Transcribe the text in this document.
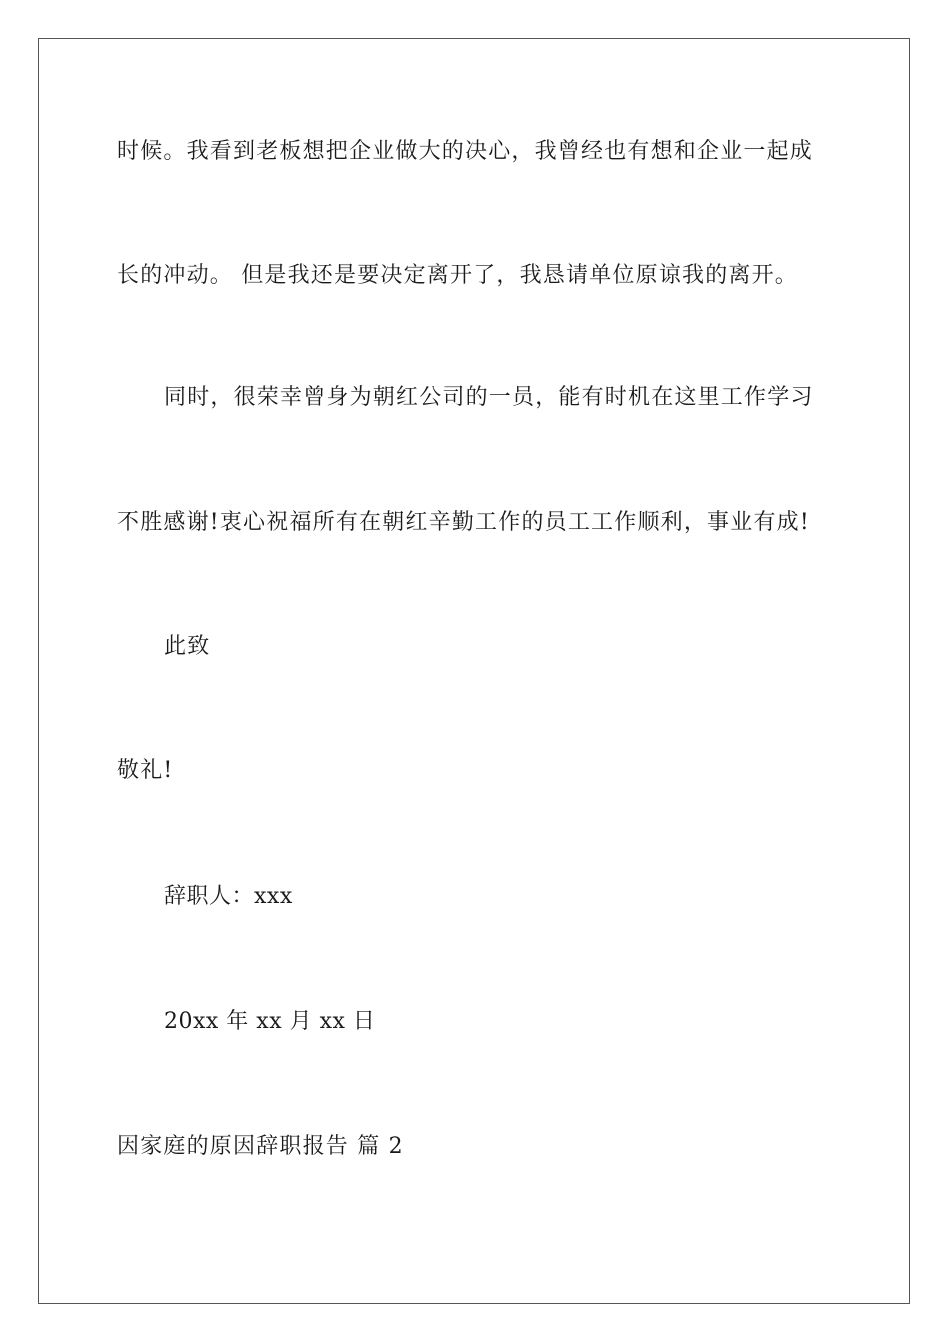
时候。我看到老板想把企业做大的决心，我曾经也有想和企业一起成
长的冲动。 但是我还是要决定离开了，我恳请单位原谅我的离开。
同时，很荣幸曾身为朝红公司的一员，能有时机在这里工作学习
不胜感谢!衷心祝福所有在朝红辛勤工作的员工工作顺利，事业有成!
此致
敬礼!
辞职人：xxx
20xx 年 xx 月 xx 日
因家庭的原因辞职报告 篇 2
